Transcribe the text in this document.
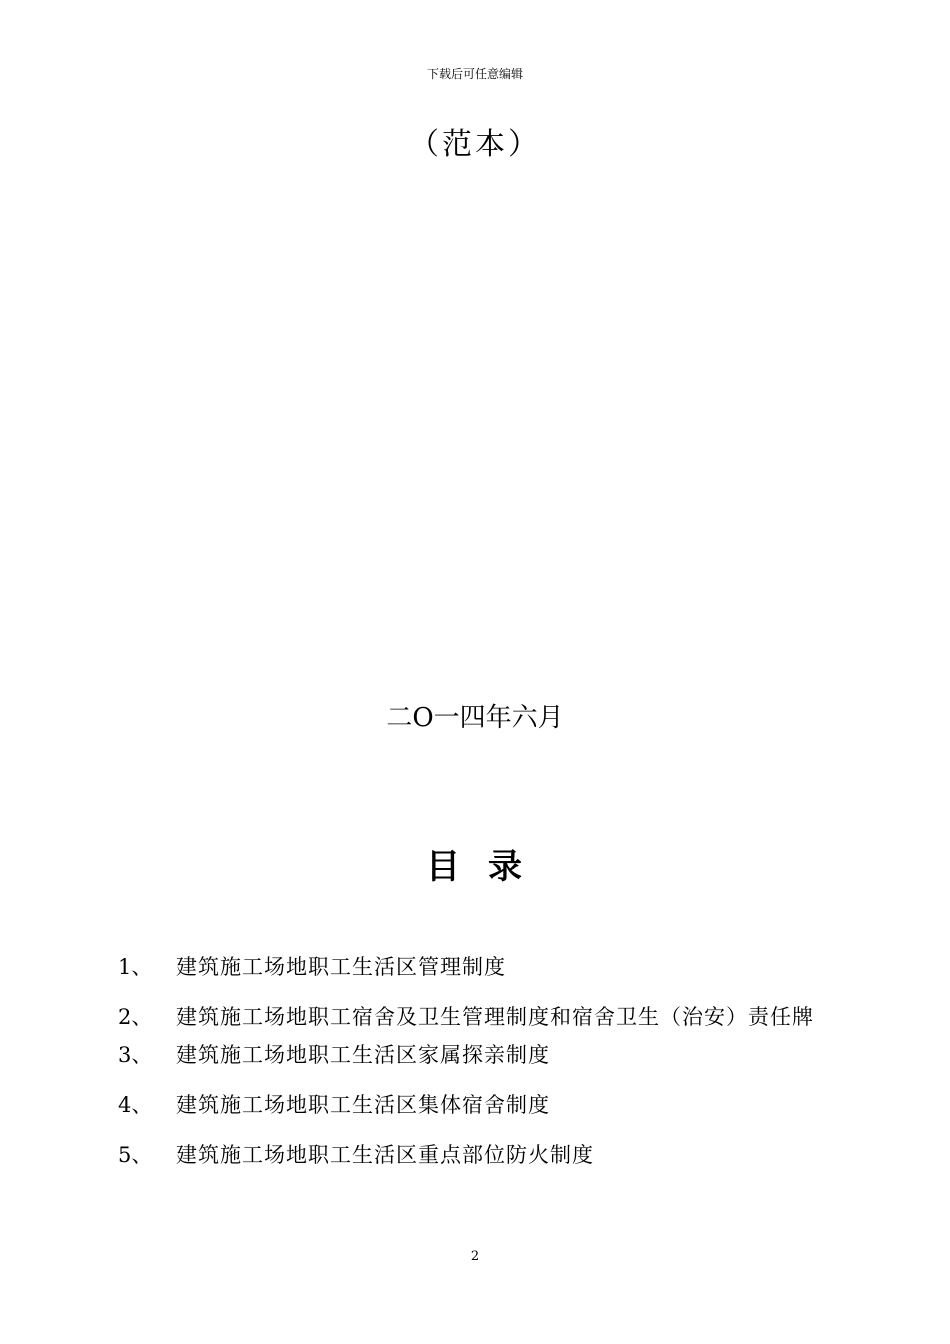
下载后可任意编辑
（范本）
二O一四年六月
目 录
1、	建筑施工场地职工生活区管理制度
2、	建筑施工场地职工宿舍及卫生管理制度和宿舍卫生（治安）责任牌
3、	建筑施工场地职工生活区家属探亲制度
4、	建筑施工场地职工生活区集体宿舍制度
5、	建筑施工场地职工生活区重点部位防火制度
2
